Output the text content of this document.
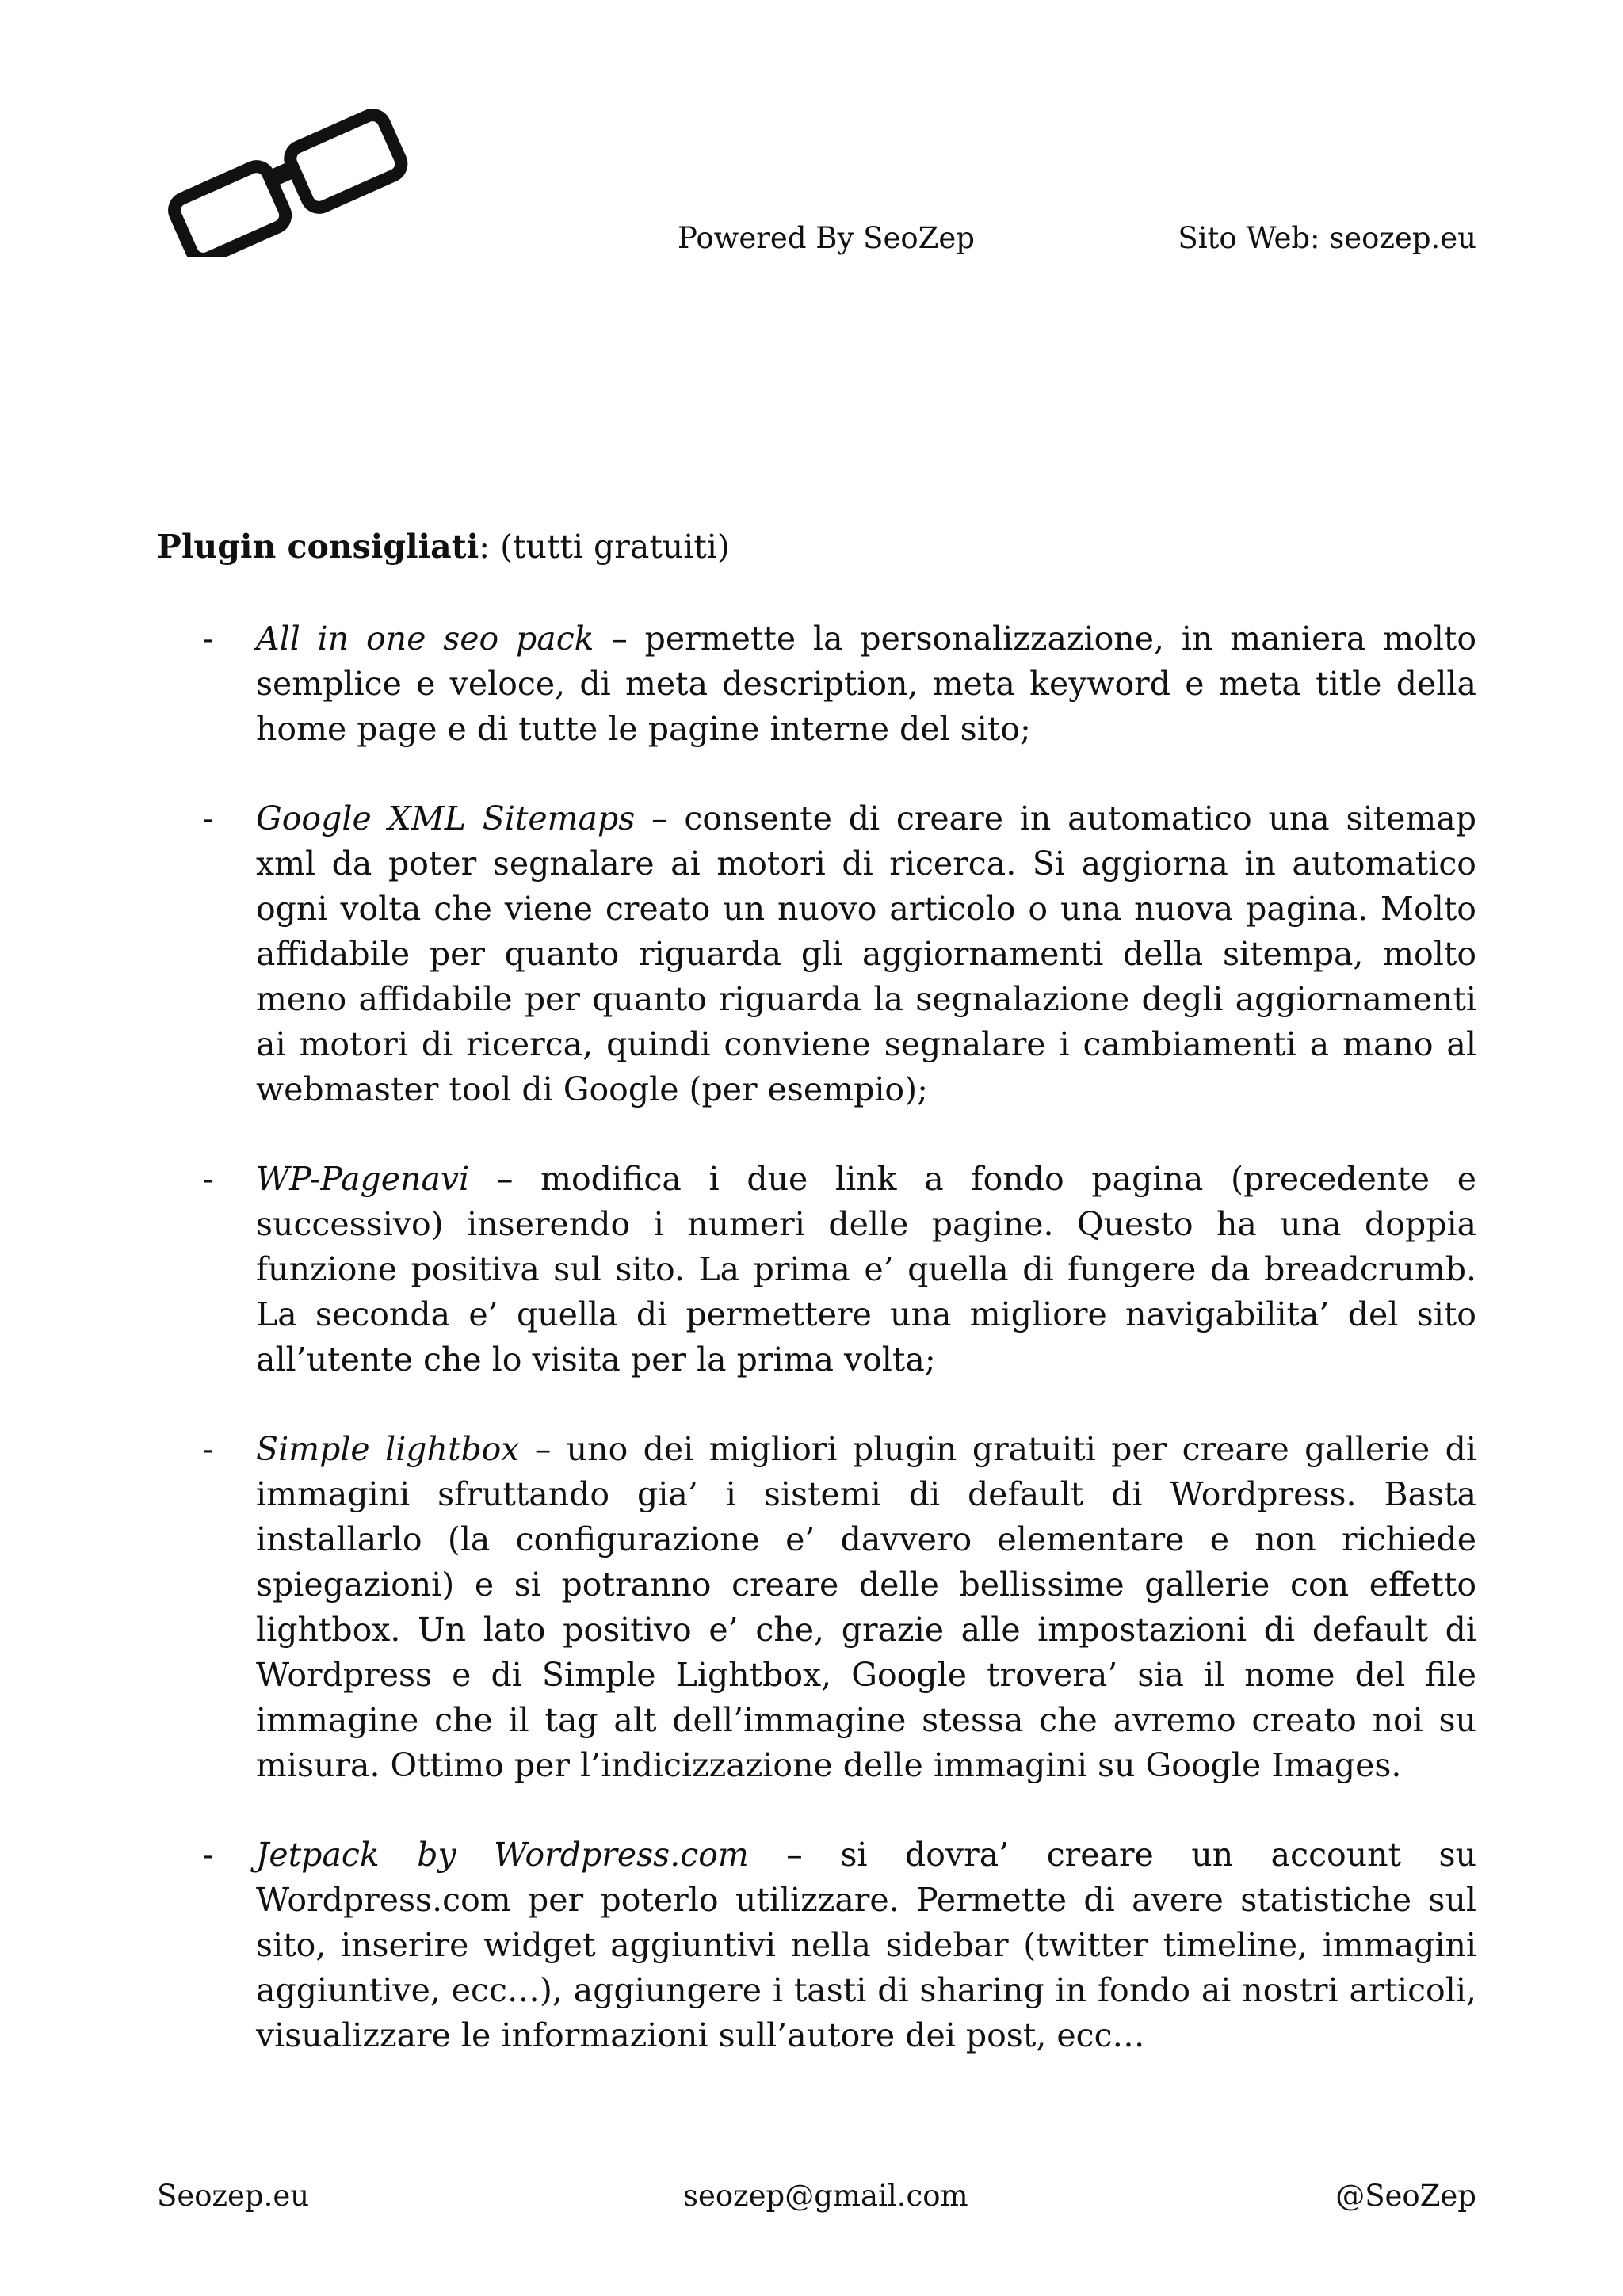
Powered By SeoZep	Sito Web: seozep.eu
Plugin consigliati: (tutti gratuiti)
- All in one seo pack – permette la personalizzazione, in maniera molto semplice e veloce, di meta description, meta keyword e meta title della home page e di tutte le pagine interne del sito;
- Google XML Sitemaps – consente di creare in automatico una sitemap xml da poter segnalare ai motori di ricerca. Si aggiorna in automatico ogni volta che viene creato un nuovo articolo o una nuova pagina. Molto affidabile per quanto riguarda gli aggiornamenti della sitempa, molto meno affidabile per quanto riguarda la segnalazione degli aggiornamenti ai motori di ricerca, quindi conviene segnalare i cambiamenti a mano al webmaster tool di Google (per esempio);
- WP-Pagenavi – modifica i due link a fondo pagina (precedente e successivo) inserendo i numeri delle pagine. Questo ha una doppia funzione positiva sul sito. La prima e’ quella di fungere da breadcrumb. La seconda e’ quella di permettere una migliore navigabilita’ del sito all’utente che lo visita per la prima volta;
- Simple lightbox – uno dei migliori plugin gratuiti per creare gallerie di immagini sfruttando gia’ i sistemi di default di Wordpress. Basta installarlo (la configurazione e’ davvero elementare e non richiede spiegazioni) e si potranno creare delle bellissime gallerie con effetto lightbox. Un lato positivo e’ che, grazie alle impostazioni di default di Wordpress e di Simple Lightbox, Google trovera’ sia il nome del file immagine che il tag alt dell’immagine stessa che avremo creato noi su misura. Ottimo per l’indicizzazione delle immagini su Google Images.
- Jetpack by Wordpress.com – si dovra’ creare un account su Wordpress.com per poterlo utilizzare. Permette di avere statistiche sul sito, inserire widget aggiuntivi nella sidebar (twitter timeline, immagini aggiuntive, ecc…), aggiungere i tasti di sharing in fondo ai nostri articoli, visualizzare le informazioni sull’autore dei post, ecc…
Seozep.eu	seozep@gmail.com	@SeoZep
